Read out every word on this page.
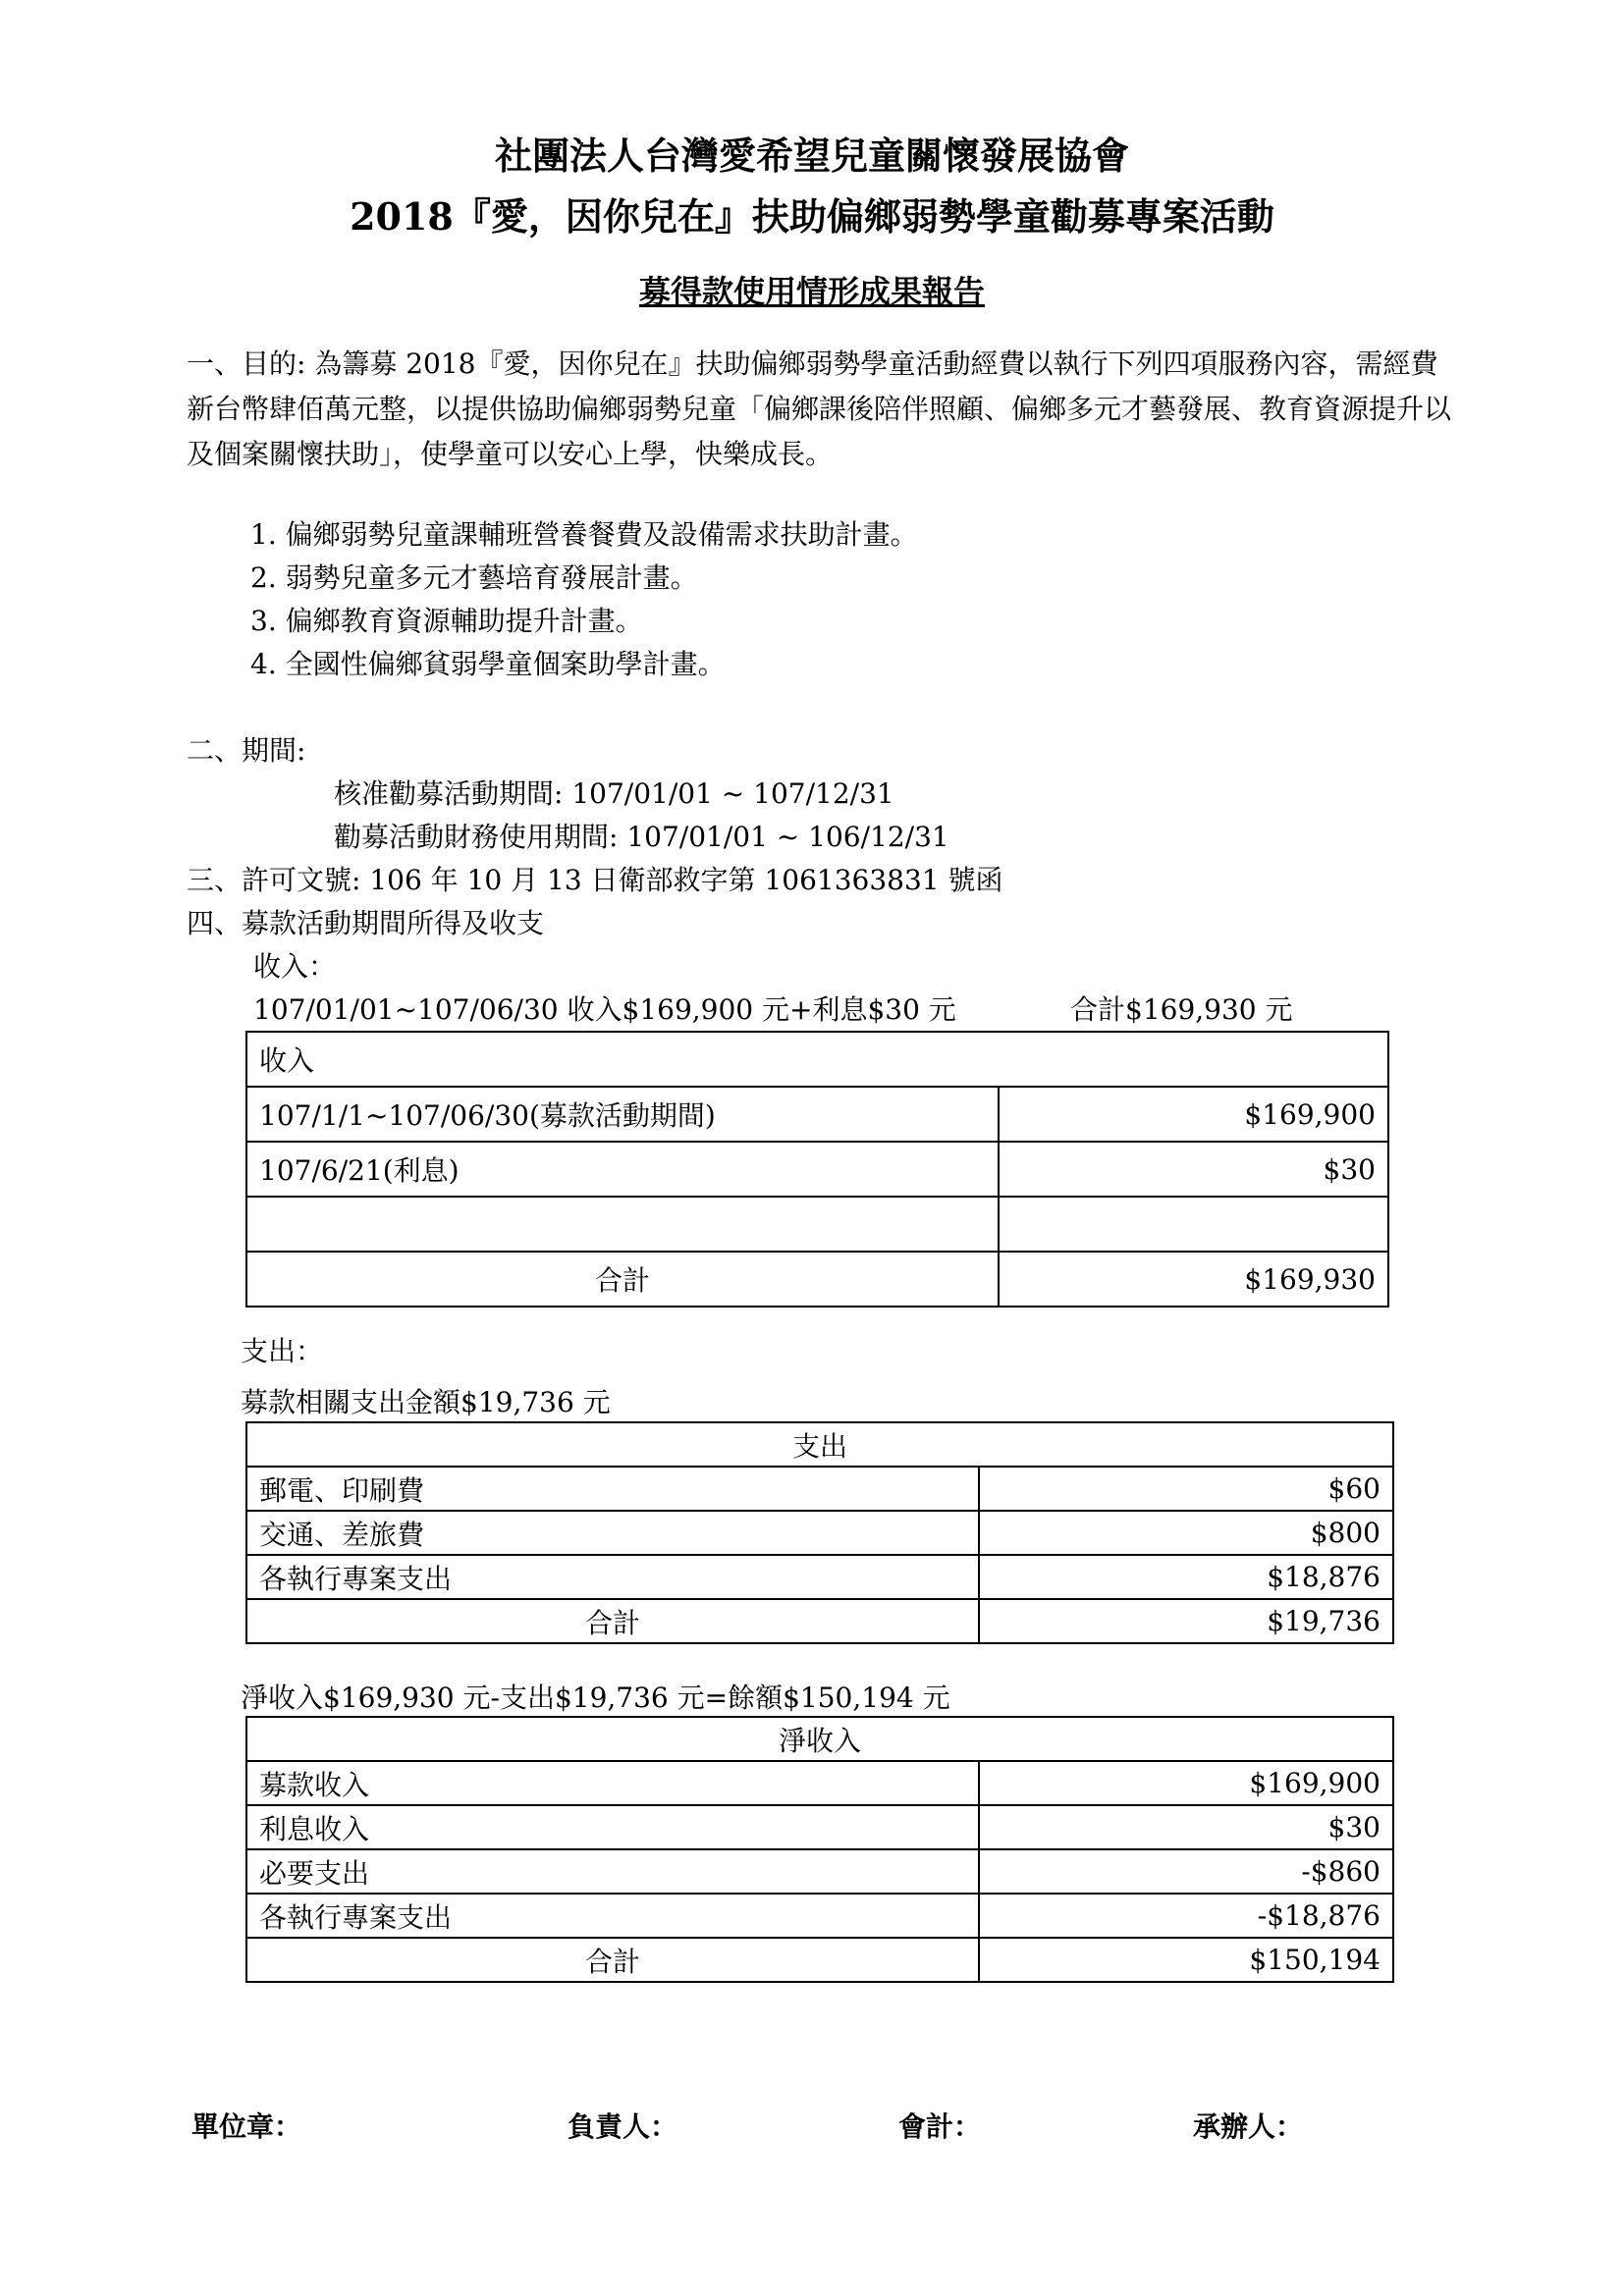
社團法人台灣愛希望兒童關懷發展協會
2018『愛，因你兒在』扶助偏鄉弱勢學童勸募專案活動
募得款使用情形成果報告
一、目的: 為籌募 2018『愛，因你兒在』扶助偏鄉弱勢學童活動經費以執行下列四項服務內容，需經費新台幣肆佰萬元整，以提供協助偏鄉弱勢兒童「偏鄉課後陪伴照顧、偏鄉多元才藝發展、教育資源提升以及個案關懷扶助」，使學童可以安心上學，快樂成長。
1. 偏鄉弱勢兒童課輔班營養餐費及設備需求扶助計畫。
2. 弱勢兒童多元才藝培育發展計畫。
3. 偏鄉教育資源輔助提升計畫。
4. 全國性偏鄉貧弱學童個案助學計畫。
二、期間:
核准勸募活動期間: 107/01/01 ~ 107/12/31
勸募活動財務使用期間: 107/01/01 ~ 106/12/31
三、許可文號: 106 年 10 月 13 日衛部救字第 1061363831 號函
四、募款活動期間所得及收支
收入：
107/01/01~107/06/30 收入$169,900 元+利息$30 元	合計$169,930 元
收入	
107/1/1~107/06/30(募款活動期間)	$169,900
107/6/21(利息)	$30

合計	$169,930
支出：
募款相關支出金額$19,736 元
支出	
郵電、印刷費	$60
交通、差旅費	$800
各執行專案支出	$18,876
合計	$19,736
淨收入$169,930 元-支出$19,736 元=餘額$150,194 元
淨收入	
募款收入	$169,900
利息收入	$30
必要支出	-$860
各執行專案支出	-$18,876
合計	$150,194
單位章：	負責人：	會計：	承辦人：
